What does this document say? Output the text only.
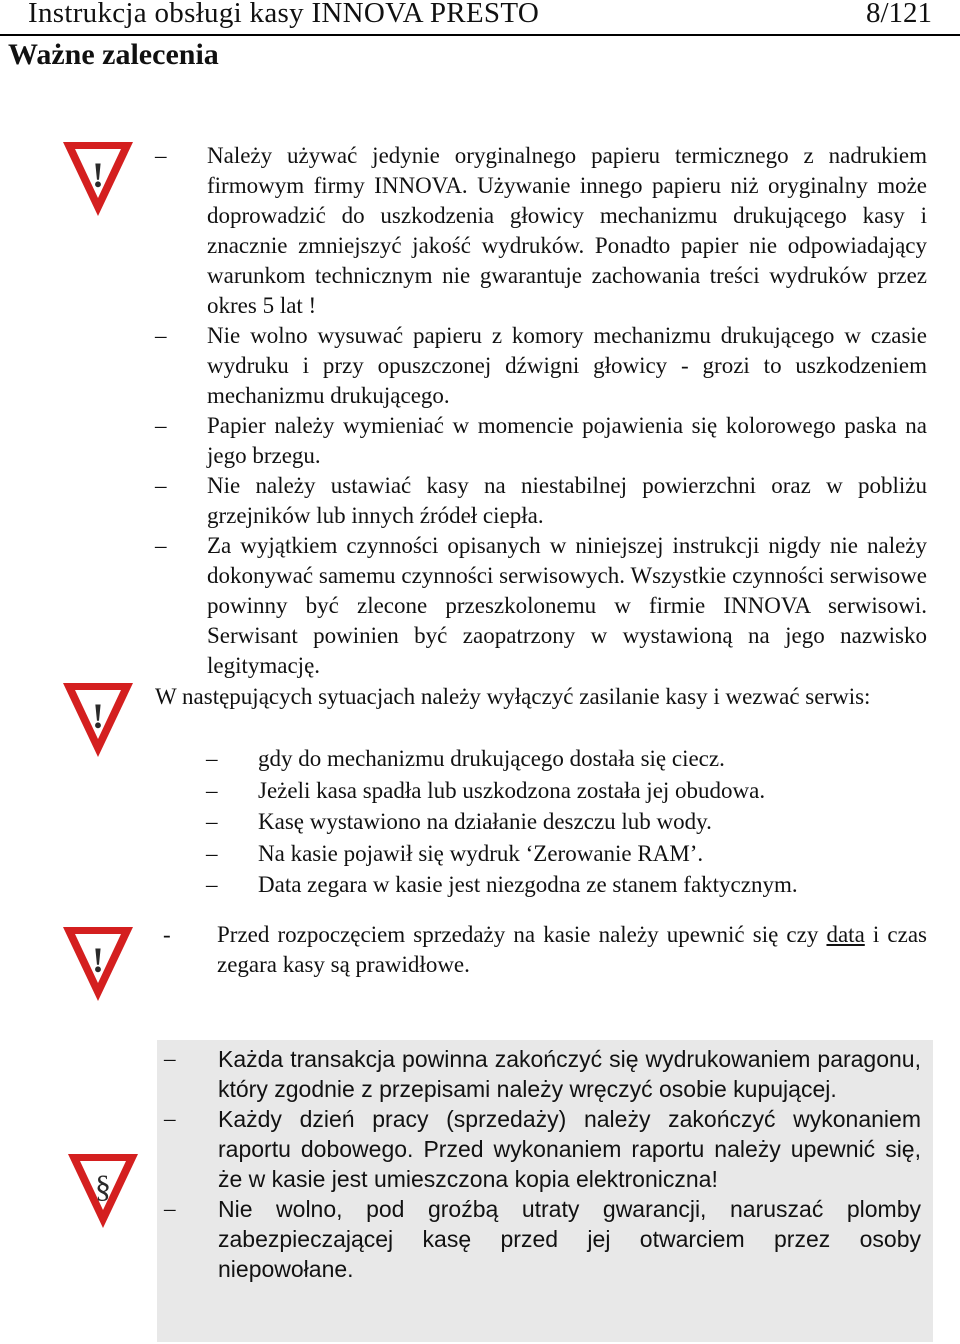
Instrukcja obsługi kasy INNOVA PRESTO	8/121
Ważne zalecenia
!
!
!
§

– Należy używać jedynie oryginalnego papieru termicznego z nadrukiem firmowym firmy INNOVA. Używanie innego papieru niż oryginalny może doprowadzić do uszkodzenia głowicy mechanizmu drukującego kasy i znacznie zmniejszyć jakość wydruków. Ponadto papier nie odpowiadający warunkom technicznym nie gwarantuje zachowania treści wydruków przez okres 5 lat !

– Nie wolno wysuwać papieru z komory mechanizmu drukującego w czasie wydruku i przy opuszczonej dźwigni głowicy - grozi to uszkodzeniem mechanizmu drukującego.

– Papier należy wymieniać w momencie pojawienia się kolorowego paska na jego brzegu.

– Nie należy ustawiać kasy na niestabilnej powierzchni oraz w pobliżu grzejników lub innych źródeł ciepła.

– Za wyjątkiem czynności opisanych w niniejszej instrukcji nigdy nie należy dokonywać samemu czynności serwisowych. Wszystkie czynności serwisowe powinny być zlecone przeszkolonemu w firmie INNOVA serwisowi. Serwisant powinien być zaopatrzony w wystawioną na jego nazwisko legitymację.

W następujących sytuacjach należy wyłączyć zasilanie kasy i wezwać serwis:

– gdy do mechanizmu drukującego dostała się ciecz.

– Jeżeli kasa spadła lub uszkodzona została jej obudowa.

– Kasę wystawiono na działanie deszczu lub wody.

– Na kasie pojawił się wydruk ‘Zerowanie RAM’.

– Data zegara w kasie jest niezgodna ze stanem faktycznym.

- Przed rozpoczęciem sprzedaży na kasie należy upewnić się czy data i czas zegara kasy są prawidłowe.

– Każda transakcja powinna zakończyć się wydrukowaniem paragonu, który zgodnie z przepisami należy wręczyć osobie kupującej.

– Każdy dzień pracy (sprzedaży) należy zakończyć wykonaniem raportu dobowego. Przed wykonaniem raportu należy upewnić się, że w kasie jest umieszczona kopia elektroniczna!

– Nie wolno, pod groźbą utraty gwarancji, naruszać plomby zabezpieczającej kasę przed jej otwarciem przez osoby niepowołane.
